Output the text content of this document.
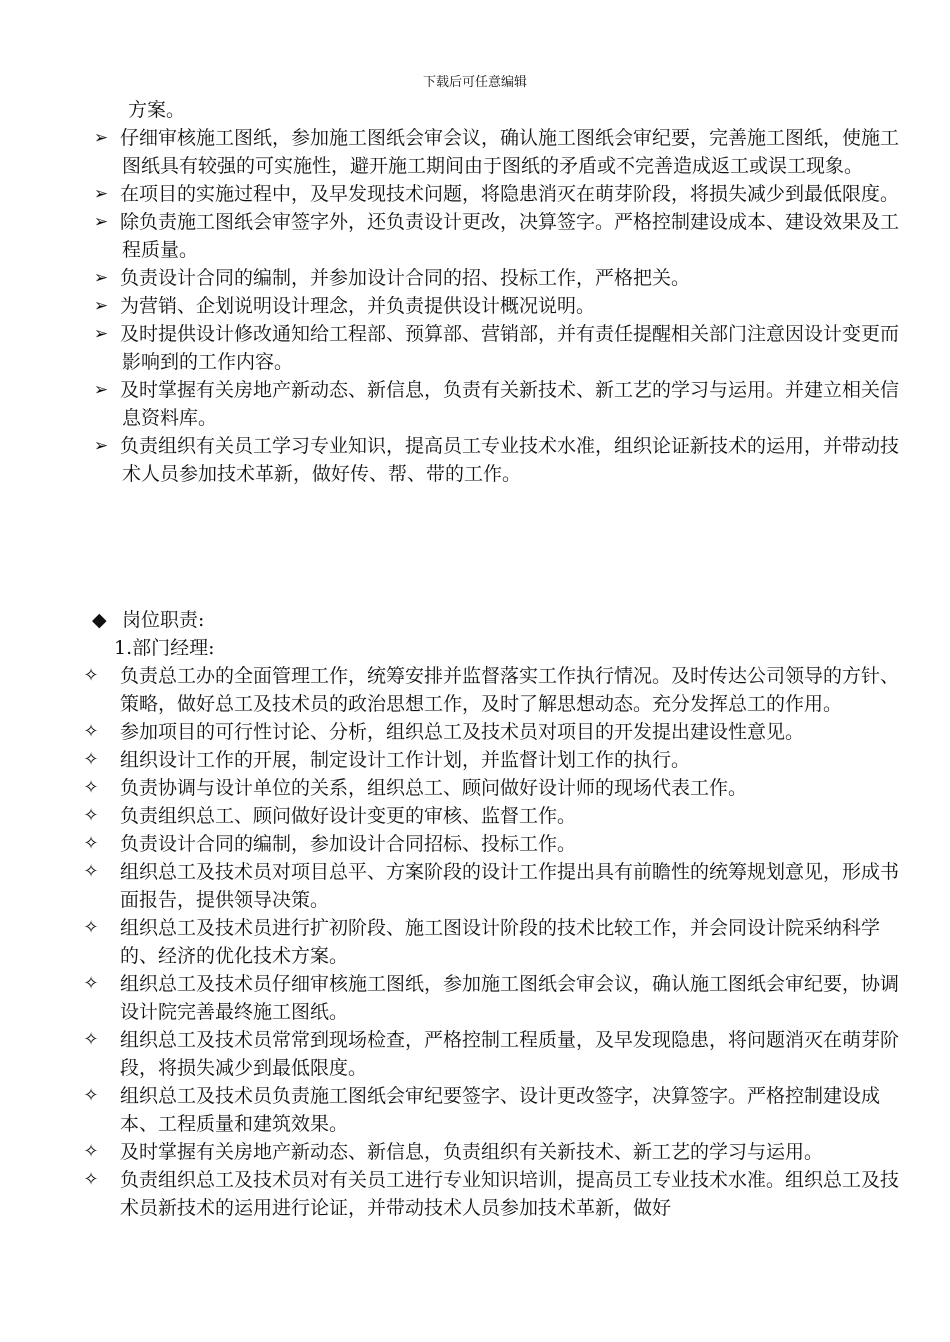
下载后可任意编辑
方案。
➢ 仔细审核施工图纸，参加施工图纸会审会议，确认施工图纸会审纪要，完善施工图纸，使施工图纸具有较强的可实施性，避开施工期间由于图纸的矛盾或不完善造成返工或误工现象。
➢ 在项目的实施过程中，及早发现技术问题，将隐患消灭在萌芽阶段，将损失减少到最低限度。
➢ 除负责施工图纸会审签字外，还负责设计更改，决算签字。严格控制建设成本、建设效果及工程质量。
➢ 负责设计合同的编制，并参加设计合同的招、投标工作，严格把关。
➢ 为营销、企划说明设计理念，并负责提供设计概况说明。
➢ 及时提供设计修改通知给工程部、预算部、营销部，并有责任提醒相关部门注意因设计变更而影响到的工作内容。
➢ 及时掌握有关房地产新动态、新信息，负责有关新技术、新工艺的学习与运用。并建立相关信息资料库。
➢ 负责组织有关员工学习专业知识，提高员工专业技术水准，组织论证新技术的运用，并带动技术人员参加技术革新，做好传、帮、带的工作。
◆ 岗位职责:
1.部门经理:
✧ 负责总工办的全面管理工作，统筹安排并监督落实工作执行情况。及时传达公司领导的方针、策略，做好总工及技术员的政治思想工作，及时了解思想动态。充分发挥总工的作用。
✧ 参加项目的可行性讨论、分析，组织总工及技术员对项目的开发提出建设性意见。
✧ 组织设计工作的开展，制定设计工作计划，并监督计划工作的执行。
✧ 负责协调与设计单位的关系，组织总工、顾问做好设计师的现场代表工作。
✧ 负责组织总工、顾问做好设计变更的审核、监督工作。
✧ 负责设计合同的编制，参加设计合同招标、投标工作。
✧ 组织总工及技术员对项目总平、方案阶段的设计工作提出具有前瞻性的统筹规划意见，形成书面报告，提供领导决策。
✧ 组织总工及技术员进行扩初阶段、施工图设计阶段的技术比较工作，并会同设计院采纳科学的、经济的优化技术方案。
✧ 组织总工及技术员仔细审核施工图纸，参加施工图纸会审会议，确认施工图纸会审纪要，协调设计院完善最终施工图纸。
✧ 组织总工及技术员常常到现场检查，严格控制工程质量，及早发现隐患，将问题消灭在萌芽阶段，将损失减少到最低限度。
✧ 组织总工及技术员负责施工图纸会审纪要签字、设计更改签字，决算签字。严格控制建设成本、工程质量和建筑效果。
✧ 及时掌握有关房地产新动态、新信息，负责组织有关新技术、新工艺的学习与运用。
✧ 负责组织总工及技术员对有关员工进行专业知识培训，提高员工专业技术水准。组织总工及技术员新技术的运用进行论证，并带动技术人员参加技术革新，做好
